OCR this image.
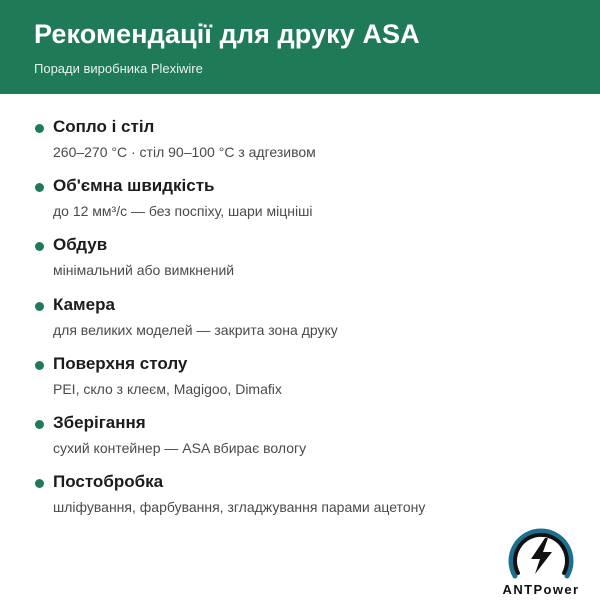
Рекомендації для друку ASA
Поради виробника Plexiwire
Сопло і стіл
260–270 °C · стіл 90–100 °C з адгезивом
Об'ємна швидкість
до 12 мм³/с — без поспіху, шари міцніші
Обдув
мінімальний або вимкнений
Камера
для великих моделей — закрита зона друку
Поверхня столу
PEI, скло з клеєм, Magigoo, Dimafix
Зберігання
сухий контейнер — ASA вбирає вологу
Постобробка
шліфування, фарбування, згладжування парами ацетону
ANTPower
